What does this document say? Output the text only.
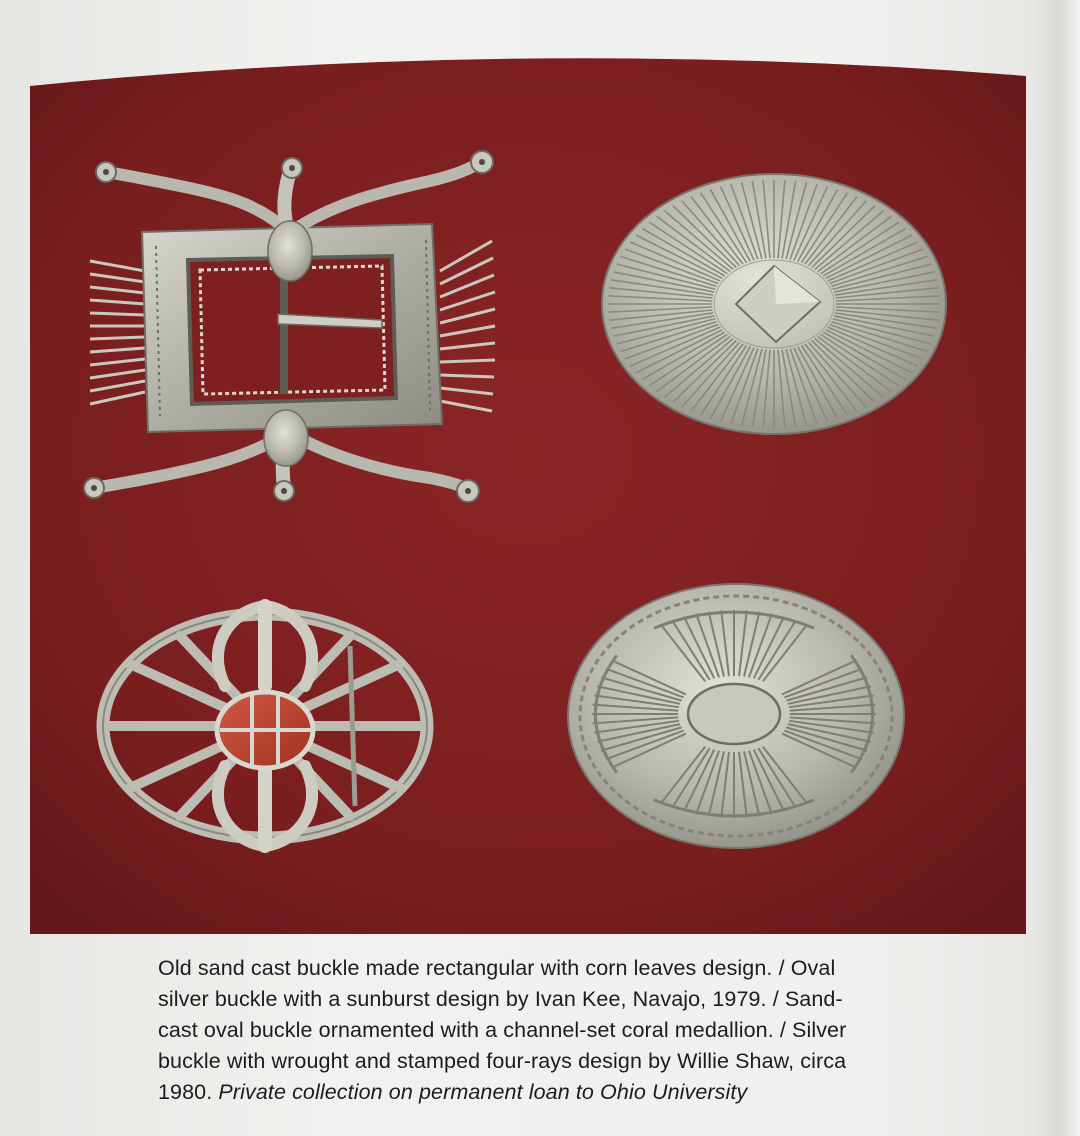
Old sand cast buckle made rectangular with corn leaves design. / Oval
silver buckle with a sunburst design by Ivan Kee, Navajo, 1979. / Sand-
cast oval buckle ornamented with a channel-set coral medallion. / Silver
buckle with wrought and stamped four-rays design by Willie Shaw, circa
1980. Private collection on permanent loan to Ohio University
